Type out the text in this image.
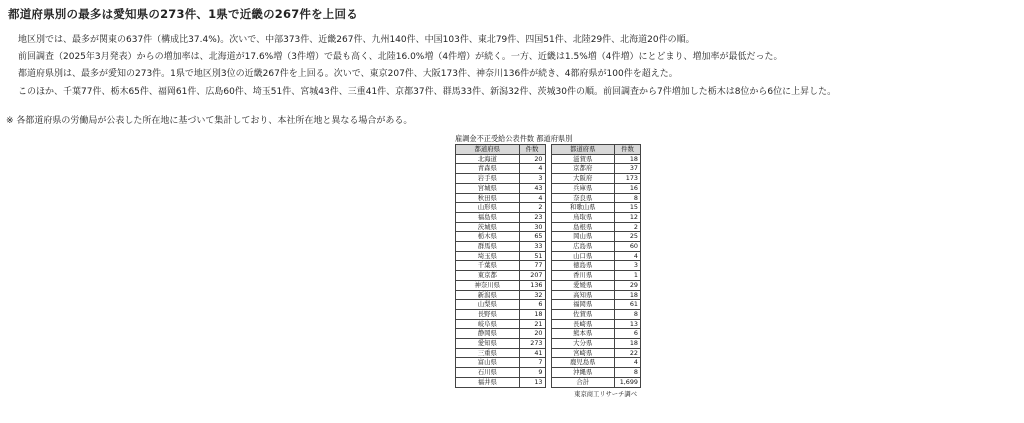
都道府県別の最多は愛知県の273件、1県で近畿の267件を上回る
地区別では、最多が関東の637件（構成比37.4%)。次いで、中部373件、近畿267件、九州140件、中国103件、東北79件、四国51件、北陸29件、北海道20件の順。
前回調査（2025年3月発表）からの増加率は、北海道が17.6%増（3件増）で最も高く、北陸16.0%増（4件増）が続く。一方、近畿は1.5%増（4件増）にとどまり、増加率が最低だった。
都道府県別は、最多が愛知の273件。1県で地区別3位の近畿267件を上回る。次いで、東京207件、大阪173件、神奈川136件が続き、4都府県が100件を超えた。
このほか、千葉77件、栃木65件、福岡61件、広島60件、埼玉51件、宮城43件、三重41件、京都37件、群馬33件、新潟32件、茨城30件の順。前回調査から7件増加した栃木は8位から6位に上昇した。
※ 各都道府県の労働局が公表した所在地に基づいて集計しており、本社所在地と異なる場合がある。
雇調金不正受給公表件数 都道府県別
都道府県	件数
北海道	20
青森県	4
岩手県	3
宮城県	43
秋田県	4
山形県	2
福島県	23
茨城県	30
栃木県	65
群馬県	33
埼玉県	51
千葉県	77
東京都	207
神奈川県	136
新潟県	32
山梨県	6
長野県	18
岐阜県	21
静岡県	20
愛知県	273
三重県	41
富山県	7
石川県	9
福井県	13
都道府県	件数
滋賀県	18
京都府	37
大阪府	173
兵庫県	16
奈良県	8
和歌山県	15
鳥取県	12
島根県	2
岡山県	25
広島県	60
山口県	4
徳島県	3
香川県	1
愛媛県	29
高知県	18
福岡県	61
佐賀県	8
長崎県	13
熊本県	6
大分県	18
宮崎県	22
鹿児島県	4
沖縄県	8
合計	1,699
東京商工リサーチ調べ
